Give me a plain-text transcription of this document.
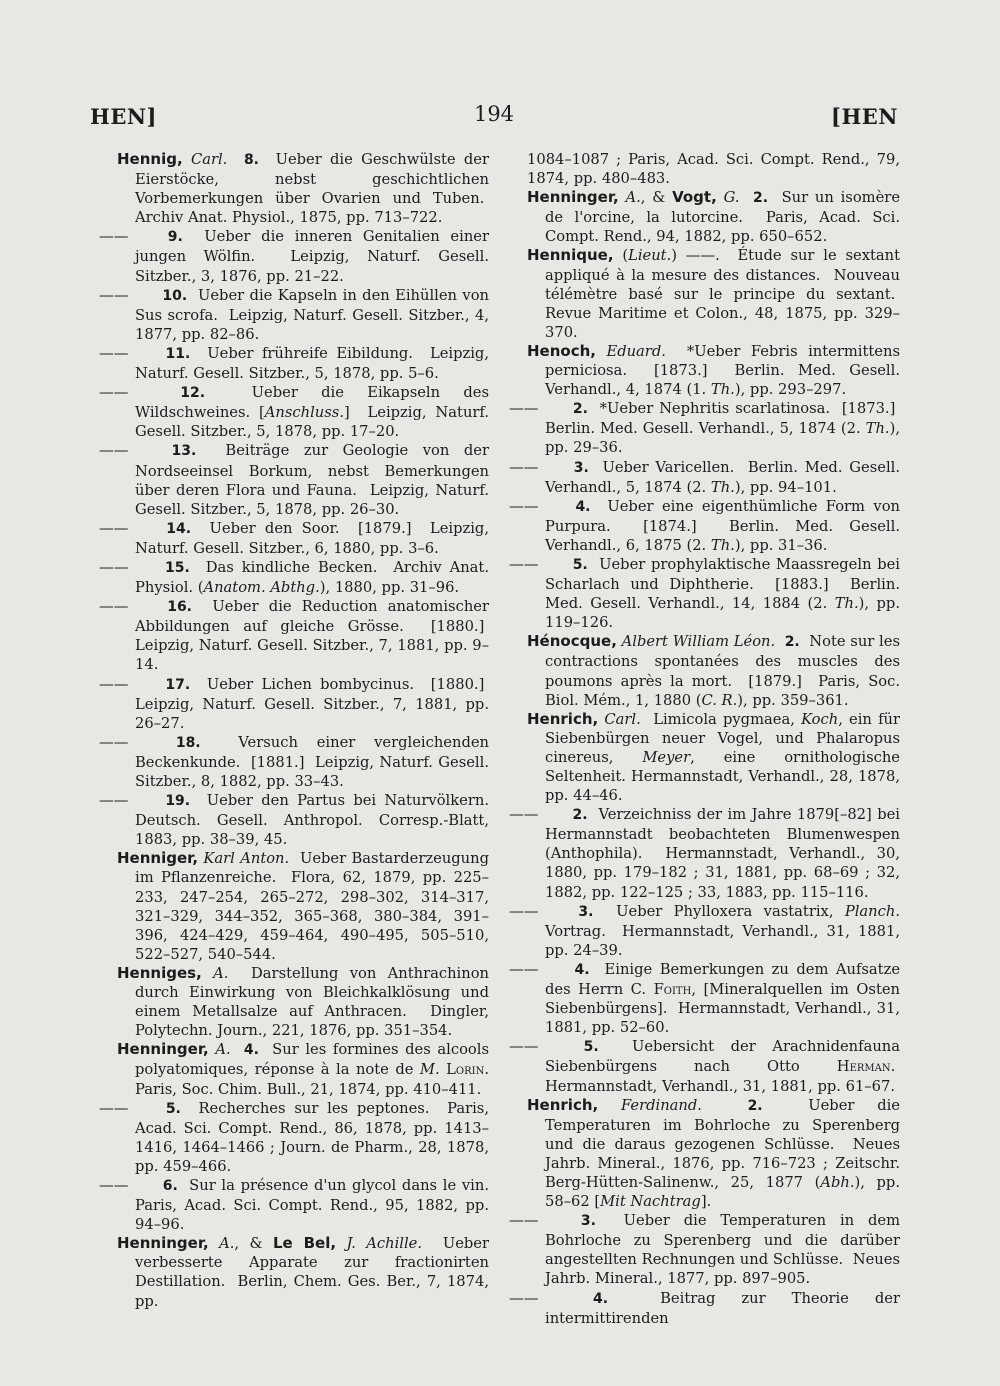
HEN]	194	[HEN

Hennig, Carl. 8.  Ueber die Geschwülste der Eierstöcke, nebst geschichtlichen Vorbemerkungen über Ovarien und Tuben.  Archiv Anat. Physiol., 1875, pp. 713–722.

——	9.  Ueber die inneren Genitalien einer jungen Wölfin.  Leipzig, Naturf. Gesell. Sitzber., 3, 1876, pp. 21–22.

—— 10.  Ueber die Kapseln in den Eihüllen von Sus scrofa.  Leipzig, Naturf. Gesell. Sitzber., 4, 1877, pp. 82–86.

——	11.  Ueber frühreife Eibildung.  Leipzig, Naturf. Gesell. Sitzber., 5, 1878, pp. 5–6.

——	12.  Ueber die Eikapseln des Wildschweines. [Anschluss.]  Leipzig, Naturf. Gesell. Sitzber., 5, 1878, pp. 17–20.

——	13.  Beiträge zur Geologie von der Nordseeinsel Borkum, nebst Bemerkungen über deren Flora und Fauna.  Leipzig, Naturf. Gesell. Sitzber., 5, 1878, pp. 26–30.

——	14.  Ueber den Soor.  [1879.]  Leipzig, Naturf. Gesell. Sitzber., 6, 1880, pp. 3–6.

——	15.  Das kindliche Becken.  Archiv Anat. Physiol. (Anatom. Abthg.), 1880, pp. 31–96.

——	16.  Ueber die Reduction anatomischer Abbildungen auf gleiche Grösse.  [1880.]  Leipzig, Naturf. Gesell. Sitzber., 7, 1881, pp. 9–14.

——	17.  Ueber Lichen bombycinus.  [1880.]  Leipzig, Naturf. Gesell. Sitzber., 7, 1881, pp. 26–27.

——	18.  Versuch einer vergleichenden Beckenkunde.  [1881.]  Leipzig, Naturf. Gesell. Sitzber., 8, 1882, pp. 33–43.

——	19.  Ueber den Partus bei Naturvölkern. Deutsch. Gesell. Anthropol. Corresp.-Blatt, 1883, pp. 38–39, 45.

Henniger, Karl Anton.  Ueber Bastarderzeugung im Pflanzenreiche.  Flora, 62, 1879, pp. 225–233, 247–254, 265–272, 298–302, 314–317, 321–329, 344–352, 365–368, 380–384, 391–396, 424–429, 459–464, 490–495, 505–510, 522–527, 540–544.

Henniges, A.  Darstellung von Anthrachinon durch Einwirkung von Bleichkalklösung und einem Metallsalze auf Anthracen.  Dingler, Polytechn. Journ., 221, 1876, pp. 351–354.

Henninger, A. 4.  Sur les formines des alcools polyatomiques, réponse à la note de M. Lorin. Paris, Soc. Chim. Bull., 21, 1874, pp. 410–411.

——	5.  Recherches sur les peptones.  Paris, Acad. Sci. Compt. Rend., 86, 1878, pp. 1413–1416, 1464–1466 ; Journ. de Pharm., 28, 1878, pp. 459–466.

—— 6.  Sur la présence d'un glycol dans le vin. Paris, Acad. Sci. Compt. Rend., 95, 1882, pp. 94–96.

Henninger, A., & Le Bel, J. Achille.  Ueber verbesserte Apparate zur fractionirten Destillation.  Berlin, Chem. Ges. Ber., 7, 1874, pp.

1084–1087 ; Paris, Acad. Sci. Compt. Rend., 79, 1874, pp. 480–483.

Henninger, A., & Vogt, G. 2.  Sur un isomère de l'orcine, la lutorcine.  Paris, Acad. Sci. Compt. Rend., 94, 1882, pp. 650–652.

Hennique, (Lieut.) ——.  Étude sur le sextant appliqué à la mesure des distances.  Nouveau télémètre basé sur le principe du sextant.  Revue Maritime et Colon., 48, 1875, pp. 329–370.

Henoch, Eduard.  *Ueber Febris intermittens perniciosa.  [1873.]  Berlin. Med. Gesell. Verhandl., 4, 1874 (1. Th.), pp. 293–297.

—— 2.  *Ueber Nephritis scarlatinosa.  [1873.]  Berlin. Med. Gesell. Verhandl., 5, 1874 (2. Th.), pp. 29–36.

——	3.  Ueber Varicellen.  Berlin. Med. Gesell. Verhandl., 5, 1874 (2. Th.), pp. 94–101.

——	4.  Ueber eine eigenthümliche Form von Purpura.  [1874.]  Berlin. Med. Gesell. Verhandl., 6, 1875 (2. Th.), pp. 31–36.

—— 5.  Ueber prophylaktische Maassregeln bei Scharlach und Diphtherie.  [1883.]  Berlin. Med. Gesell. Verhandl., 14, 1884 (2. Th.), pp. 119–126.

Hénocque, Albert William Léon. 2.  Note sur les contractions spontanées des muscles des poumons après la mort.  [1879.]  Paris, Soc. Biol. Mém., 1, 1880 (C. R.), pp. 359–361.

Henrich, Carl.  Limicola pygmaea, Koch, ein für Siebenbürgen neuer Vogel, und Phalaropus cinereus, Meyer, eine ornithologische Seltenheit. Hermannstadt, Verhandl., 28, 1878, pp. 44–46.

—— 2.  Verzeichniss der im Jahre 1879[–82] bei Hermannstadt beobachteten Blumenwespen (Anthophila).  Hermannstadt, Verhandl., 30, 1880, pp. 179–182 ; 31, 1881, pp. 68–69 ; 32, 1882, pp. 122–125 ; 33, 1883, pp. 115–116.

——	3.  Ueber Phylloxera vastatrix, Planch. Vortrag.  Hermannstadt, Verhandl., 31, 1881, pp. 24–39.

——	4.  Einige Bemerkungen zu dem Aufsatze des Herrn C. Foith, [Mineralquellen im Osten Siebenbürgens].  Hermannstadt, Verhandl., 31, 1881, pp. 52–60.

——	5.  Uebersicht der Arachnidenfauna Siebenbürgens nach Otto Herman.  Hermannstadt, Verhandl., 31, 1881, pp. 61–67.

Henrich, Ferdinand.	2.  Ueber die Temperaturen im Bohrloche zu Sperenberg und die daraus gezogenen Schlüsse.  Neues Jahrb. Mineral., 1876, pp. 716–723 ; Zeitschr. Berg-Hütten-Salinenw., 25, 1877 (Abh.), pp. 58–62 [Mit Nachtrag].

——	3.  Ueber die Temperaturen in dem Bohrloche zu Sperenberg und die darüber angestellten Rechnungen und Schlüsse.  Neues Jahrb. Mineral., 1877, pp. 897–905.

——	4.  Beitrag zur Theorie der intermittirenden
